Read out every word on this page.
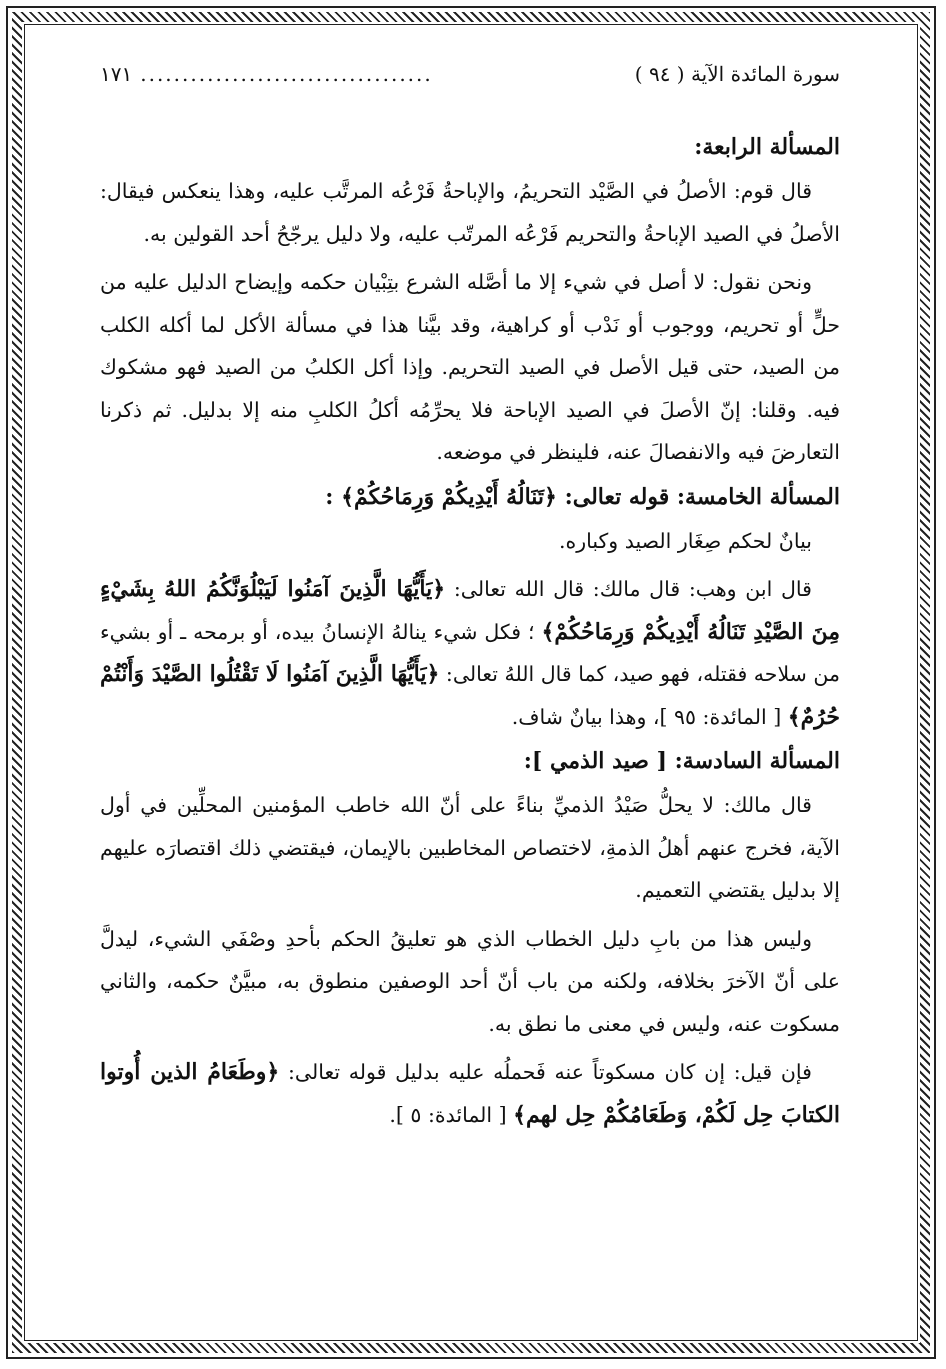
سورة المائدة الآية ( ٩٤ )
...................................
١٧١

المسألة الرابعة:

قال قوم: الأصلُ في الصَّيْد التحريمُ، والإباحةُ فَرْعُه المرتَّب عليه، وهذا ينعكس فيقال: الأصلُ في الصيد الإباحةُ والتحريم فَرْعُه المرتّب عليه، ولا دليل يرجّحُ أحد القولين به.

ونحن نقول: لا أصل في شيء إلا ما أصَّله الشرع بتِبْيان حكمه وإيضاح الدليل عليه من حلٍّ أو تحريم، ووجوب أو نَدْب أو كراهية، وقد بيَّنا هذا في مسألة الأكل لما أكله الكلب من الصيد، حتى قيل الأصل في الصيد التحريم. وإذا أكل الكلبُ من الصيد فهو مشكوك فيه. وقلنا: إنّ الأصلَ في الصيد الإباحة فلا يحرِّمُه أكلُ الكلبِ منه إلا بدليل. ثم ذكرنا التعارضَ فيه والانفصالَ عنه، فلينظر في موضعه.

المسألة الخامسة: قوله تعالى: ﴿تَنَالُهُ أَيْدِيكُمْ وَرِمَاحُكُمْ﴾ :

بيانٌ لحكم صِغَار الصيد وكباره.

قال ابن وهب: قال مالك: قال الله تعالى: ﴿يَأَيُّهَا الَّذِينَ آمَنُوا لَيَبْلُوَنَّكُمُ اللهُ بِشَيْءٍ مِنَ الصَّيْدِ تَنَالُهُ أَيْدِيكُمْ وَرِمَاحُكُمْ﴾ ؛ فكل شيء ينالهُ الإنسانُ بيده، أو برمحه ـ أو بشيء من سلاحه فقتله، فهو صيد، كما قال اللهُ تعالى: ﴿يَأَيُّهَا الَّذِينَ آمَنُوا لَا تَقْتُلُوا الصَّيْدَ وَأَنْتُمْ حُرُمٌ﴾ [ المائدة: ٩٥ ]، وهذا بيانٌ شاف.

المسألة السادسة: [ صيد الذمي ]:

قال مالك: لا يحلُّ صَيْدُ الذميِّ بناءً على أنّ الله خاطب المؤمنين المحلِّين في أول الآية، فخرج عنهم أهلُ الذمةِ، لاختصاص المخاطبين بالإيمان، فيقتضي ذلك اقتصارَه عليهم إلا بدليل يقتضي التعميم.

وليس هذا من بابِ دليل الخطاب الذي هو تعليقُ الحكم بأحدِ وصْفَي الشيء، ليدلَّ على أنّ الآخرَ بخلافه، ولكنه من باب أنّ أحد الوصفين منطوق به، مبيَّنٌ حكمه، والثاني مسكوت عنه، وليس في معنى ما نطق به.

فإن قيل: إن كان مسكوتاً عنه فَحملُه عليه بدليل قوله تعالى: ﴿وطَعَامُ الذين أُوتوا الكتابَ حِل لَكُمْ، وَطَعَامُكُمْ حِل لهم﴾ [ المائدة: ٥ ].
